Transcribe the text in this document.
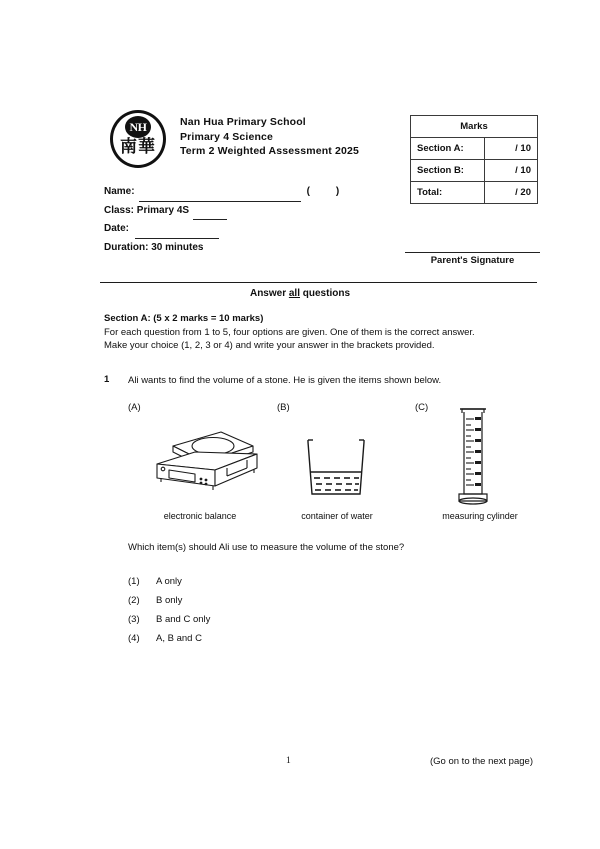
NH
南華
Nan Hua Primary School
Primary 4 Science
Term 2 Weighted Assessment 2025
Marks	
Section A:	/ 10
Section B:	/ 10
Total:	/ 20
Parent's Signature
Name:	(	)
Class: Primary 4S
Date:
Duration: 30 minutes
Answer all questions
Section A: (5 x 2 marks = 10 marks)
For each question from 1 to 5, four options are given. One of them is the correct answer.
Make your choice (1, 2, 3 or 4) and write your answer in the brackets provided.
1 Ali wants to find the volume of a stone. He is given the items shown below.
(A)	(B)	(C)
electronic balance	container of water	measuring cylinder
Which item(s) should Ali use to measure the volume of the stone?
(1)	A only
(2)	B only
(3)	B and C only
(4)	A, B and C
1	(Go on to the next page)
